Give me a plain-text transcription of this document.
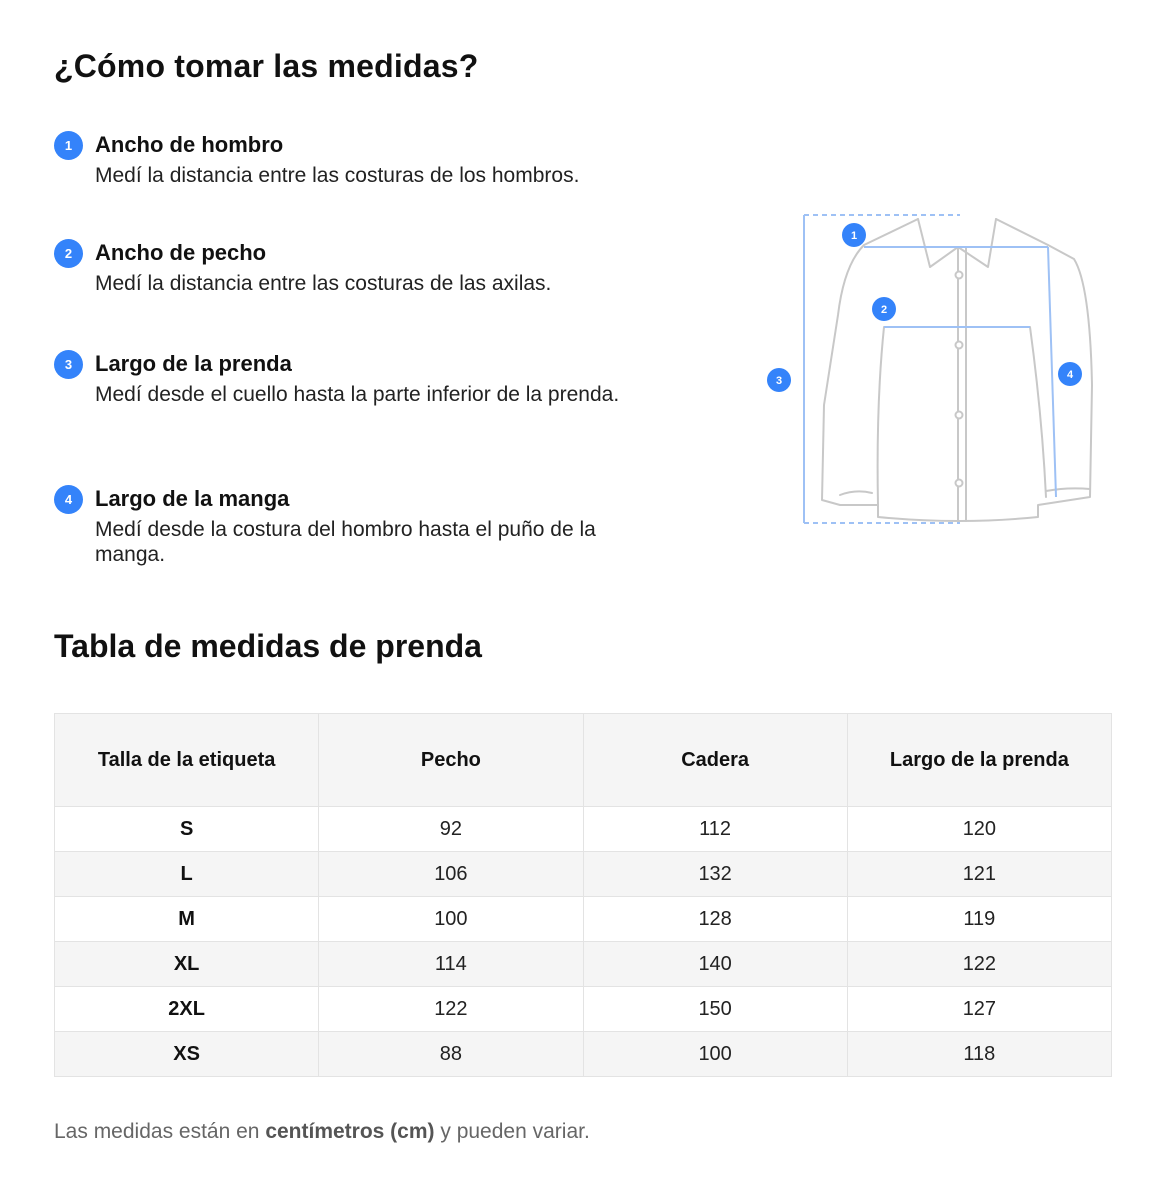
¿Cómo tomar las medidas?
1	Ancho de hombro
Medí la distancia entre las costuras de los hombros.
2	Ancho de pecho
Medí la distancia entre las costuras de las axilas.
3	Largo de la prenda
Medí desde el cuello hasta la parte inferior de la prenda.
4	Largo de la manga
Medí desde la costura del hombro hasta el puño de la manga.
1
2
3	4
Tabla de medidas de prenda
Talla de la etiqueta	Pecho	Cadera	Largo de la prenda
S	92	112	120
L	106	132	121
M	100	128	119
XL	114	140	122
2XL	122	150	127
XS	88	100	118

Las medidas están en centímetros (cm) y pueden variar.
